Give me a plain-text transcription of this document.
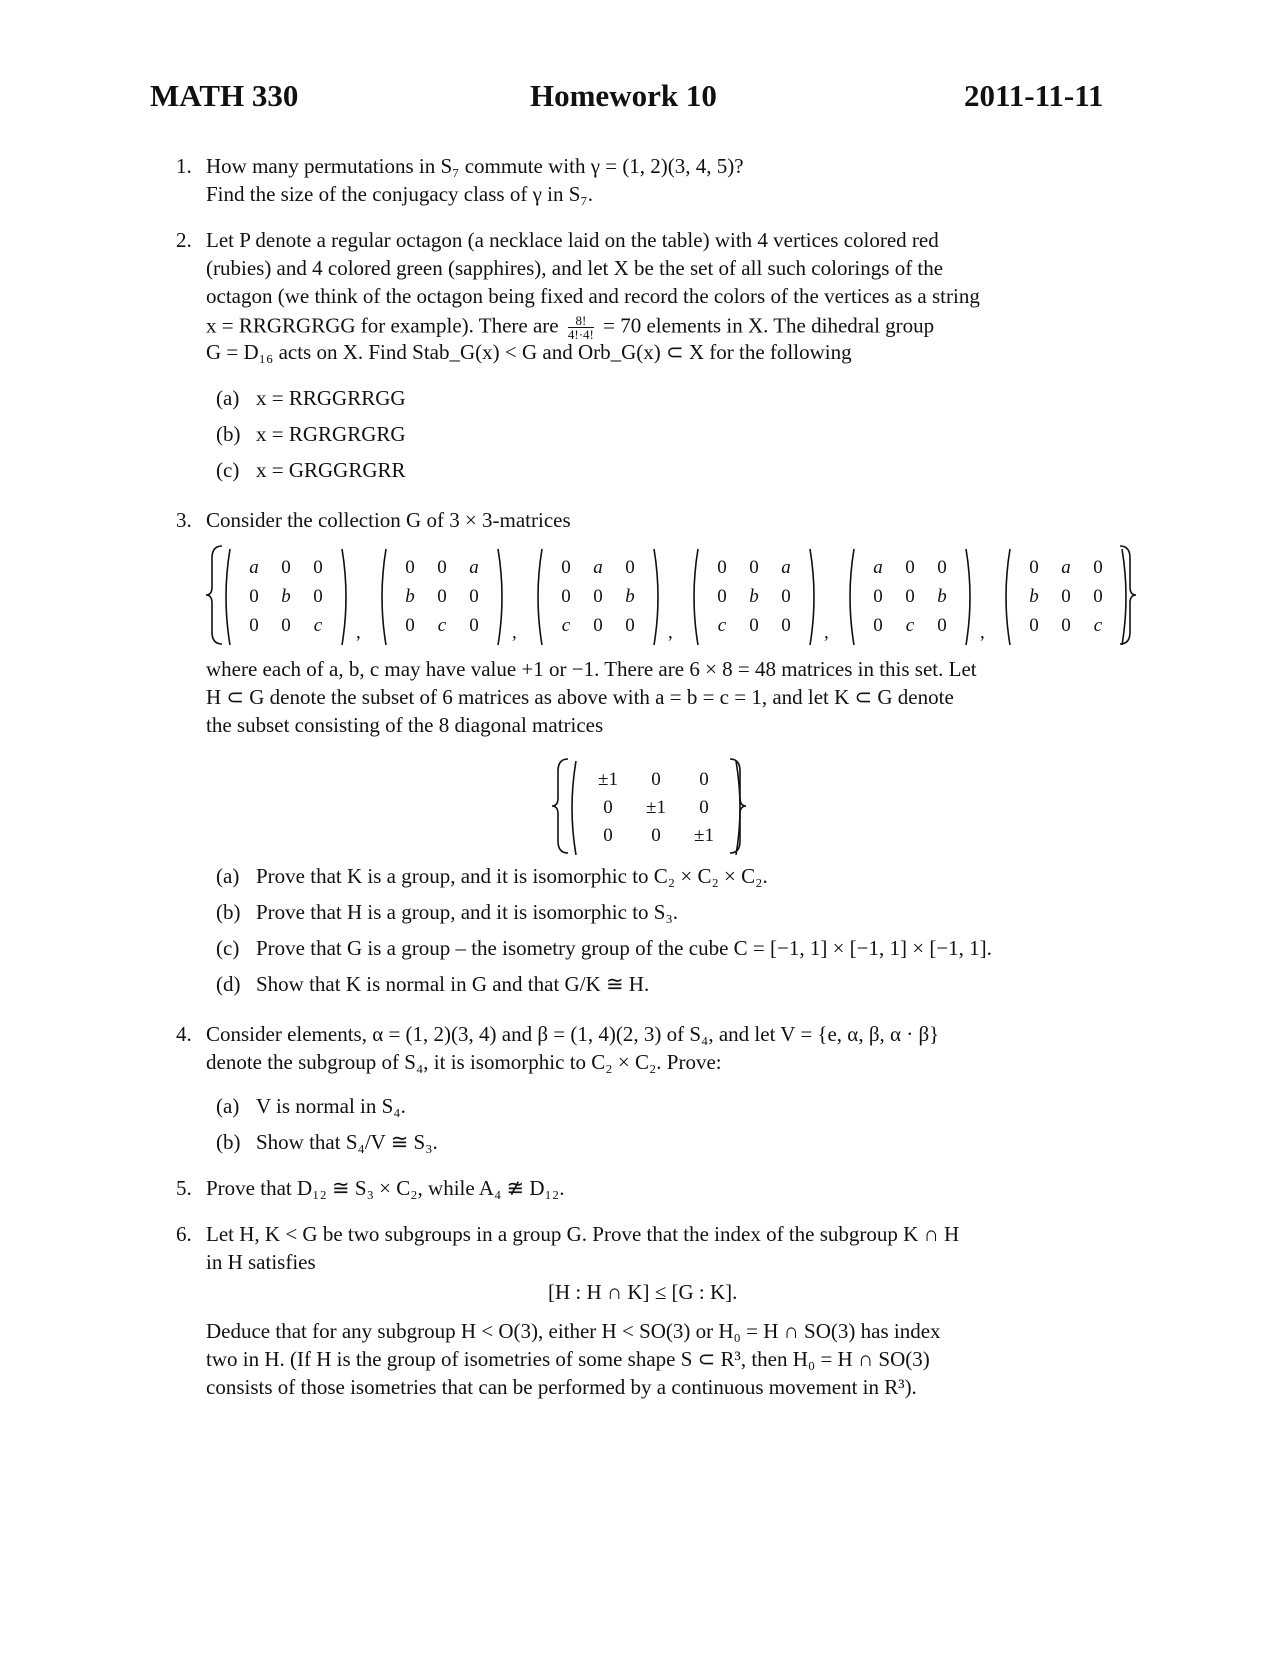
MATH 330	Homework 10	2011-11-11
1. How many permutations in S₇ commute with γ = (1, 2)(3, 4, 5)?
Find the size of the conjugacy class of γ in S₇.
2. Let P denote a regular octagon (a necklace laid on the table) with 4 vertices colored red
(rubies) and 4 colored green (sapphires), and let X be the set of all such colorings of the
octagon (we think of the octagon being fixed and record the colors of the vertices as a string
x = RRGRGRGG for example). There are $\frac{8!}{4!\cdot 4!} = 70$ elements in X. The dihedral group
G = D₁₆ acts on X. Find Stab_G(x) < G and Orb_G(x) ⊂ X for the following
(a) x = RRGGRRGG
(b) x = RGRGRGRG
(c) x = GRGGRGRR
3. Consider the collection G of 3 × 3-matrices
a 0 0
0 b 0
0 0 c ,
0 0 a
b 0 0
0 c 0 ,
0 a 0
0 0 b
c 0 0 ,
0 0 a
0 b 0
c 0 0 ,
a 0 0
0 0 b
0 c 0 ,
0 a 0
b 0 0
0 0 c
where each of a, b, c may have value +1 or −1. There are 6 × 8 = 48 matrices in this set. Let
H ⊂ G denote the subset of 6 matrices as above with a = b = c = 1, and let K ⊂ G denote
the subset consisting of the 8 diagonal matrices
±1 0 0
0 ±1 0
0 0 ±1
(a) Prove that K is a group, and it is isomorphic to C₂ × C₂ × C₂.
(b) Prove that H is a group, and it is isomorphic to S₃.
(c) Prove that G is a group – the isometry group of the cube C = [−1, 1] × [−1, 1] × [−1, 1].
(d) Show that K is normal in G and that G/K ≅ H.
4. Consider elements, α = (1, 2)(3, 4) and β = (1, 4)(2, 3) of S₄, and let V = {e, α, β, α · β}
denote the subgroup of S₄, it is isomorphic to C₂ × C₂. Prove:
(a) V is normal in S₄.
(b) Show that S₄/V ≅ S₃.
5. Prove that D₁₂ ≅ S₃ × C₂, while A₄ ≇ D₁₂.
6. Let H, K < G be two subgroups in a group G. Prove that the index of the subgroup K ∩ H
in H satisfies
[H : H ∩ K] ≤ [G : K].
Deduce that for any subgroup H < O(3), either H < SO(3) or H₀ = H ∩ SO(3) has index
two in H. (If H is the group of isometries of some shape S ⊂ R³, then H₀ = H ∩ SO(3)
consists of those isometries that can be performed by a continuous movement in R³).
